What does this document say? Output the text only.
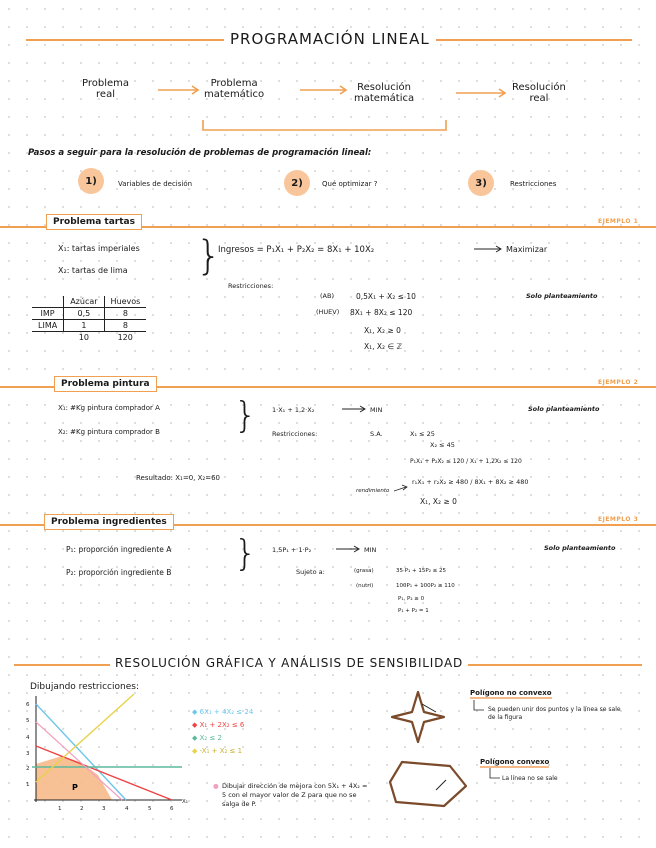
PROGRAMACIÓN LINEAL
Problema
real
Problema
matemático
Resolución
matemática
Resolución
real
Pasos a seguir para la resolución de problemas de programación lineal:
1)	Variables de decisión	2)	Qué optimizar ?	3)	Restricciones
Problema tartas	EJEMPLO 1
X₁: tartas imperiales
X₂: tartas de lima }
Ingresos = P₁X₁ + P₂X₂ = 8X₁ + 10X₂	Maximizar
Restricciones:
(AB)	0,5X₁ + X₂ ≤ 10
(HUEV) 8X₁ + 8X₂ ≤ 120
X₁, X₂ ≥ 0
X₁, X₂ ∈ ℤ
Solo planteamiento
	Azúcar	Huevos
IMP	0,5	8
LIMA	1	8
	10	120
Problema pintura	EJEMPLO 2
X₁: #Kg pintura comprador A
X₂: #Kg pintura comprador B } 1·X₁ + 1,2·X₂	MIN	Solo planteamiento
Restricciones:	S.A.	X₁ ≤ 25
X₂ ≤ 45
P₁X₁ + P₂X₂ ≤ 120 / X₁ + 1,2X₂ ≤ 120
Resultado: X₁=0, X₂=60
rendimiento
r₁X₁ + r₂X₂ ≥ 480 / 8X₁ + 8X₂ ≥ 480
X₁, X₂ ≥ 0
Problema ingredientes	EJEMPLO 3
P₁: proporción ingrediente A
P₂: proporción ingrediente B } 1,5P₁ + 1·P₂	MIN	Solo planteamiento
Sujeto a:	(grasa)	35·P₁ + 15P₂ ≤ 25
(nutri)	100P₁ + 100P₂ ≥ 110
P₁, P₂ ≥ 0
P₁ + P₂ = 1
RESOLUCIÓN GRÁFICA Y ANÁLISIS DE SENSIBILIDAD
Dibujando restricciones:
P
6
5
4
3
2
1
1	2	3	4	5	6
X₁
◆ 6X₁ + 4X₂ ≤ 24
◆ X₁ + 2X₂ ≤ 6
◆ X₂ ≤ 2
◆ -X₁ + X₂ ≤ 1
● Dibujar dirección de mejora con 5X₁ + 4X₂ = 5 con el mayor valor de Z para que no se salga de P.
Polígono no convexo
Se pueden unir dos puntos y la línea se sale de la figura
Polígono convexo
La línea no se sale
